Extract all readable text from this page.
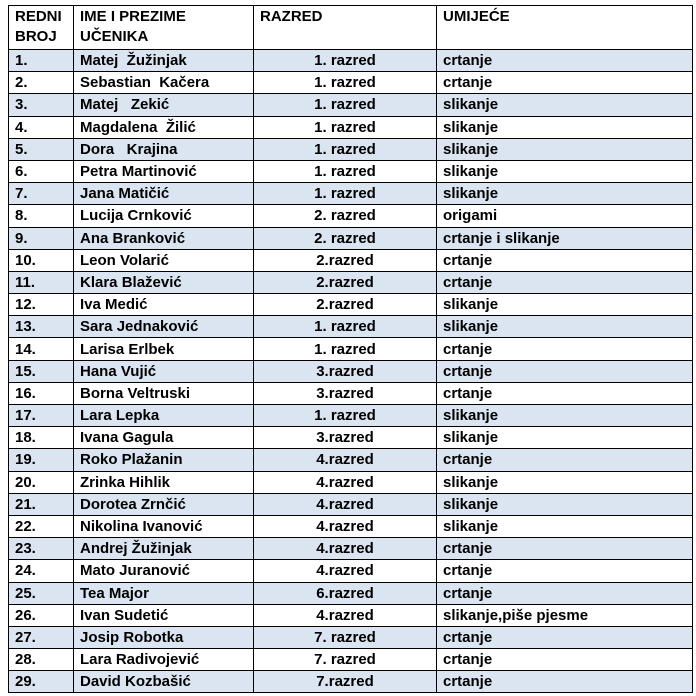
REDNI BROJ	IME I PREZIME UČENIKA	RAZRED	UMIJEĆE
1.	Matej  Žužinjak	1. razred	crtanje
2.	Sebastian  Kačera	1. razred	crtanje
3.	Matej   Zekić	1. razred	slikanje
4.	Magdalena  Žilić	1. razred	slikanje
5.	Dora   Krajina	1. razred	slikanje
6.	Petra Martinović	1. razred	slikanje
7.	Jana Matičić	1. razred	slikanje
8.	Lucija Crnković	2. razred	origami
9.	Ana Branković	2. razred	crtanje i slikanje
10.	Leon Volarić	2.razred	crtanje
11.	Klara Blažević	2.razred	crtanje
12.	Iva Medić	2.razred	slikanje
13.	Sara Jednaković	1. razred	slikanje
14.	Larisa Erlbek	1. razred	crtanje
15.	Hana Vujić	3.razred	crtanje
16.	Borna Veltruski	3.razred	crtanje
17.	Lara Lepka	1. razred	slikanje
18.	Ivana Gagula	3.razred	slikanje
19.	Roko Plažanin	4.razred	crtanje
20.	Zrinka Hihlik	4.razred	slikanje
21.	Dorotea Zrnčić	4.razred	slikanje
22.	Nikolina Ivanović	4.razred	slikanje
23.	Andrej Žužinjak	4.razred	crtanje
24.	Mato Juranović	4.razred	crtanje
25.	Tea Major	6.razred	crtanje
26.	Ivan Sudetić	4.razred	slikanje,piše pjesme
27.	Josip Robotka	7. razred	crtanje
28.	Lara Radivojević	7. razred	crtanje
29.	David Kozbašić	7.razred	crtanje
